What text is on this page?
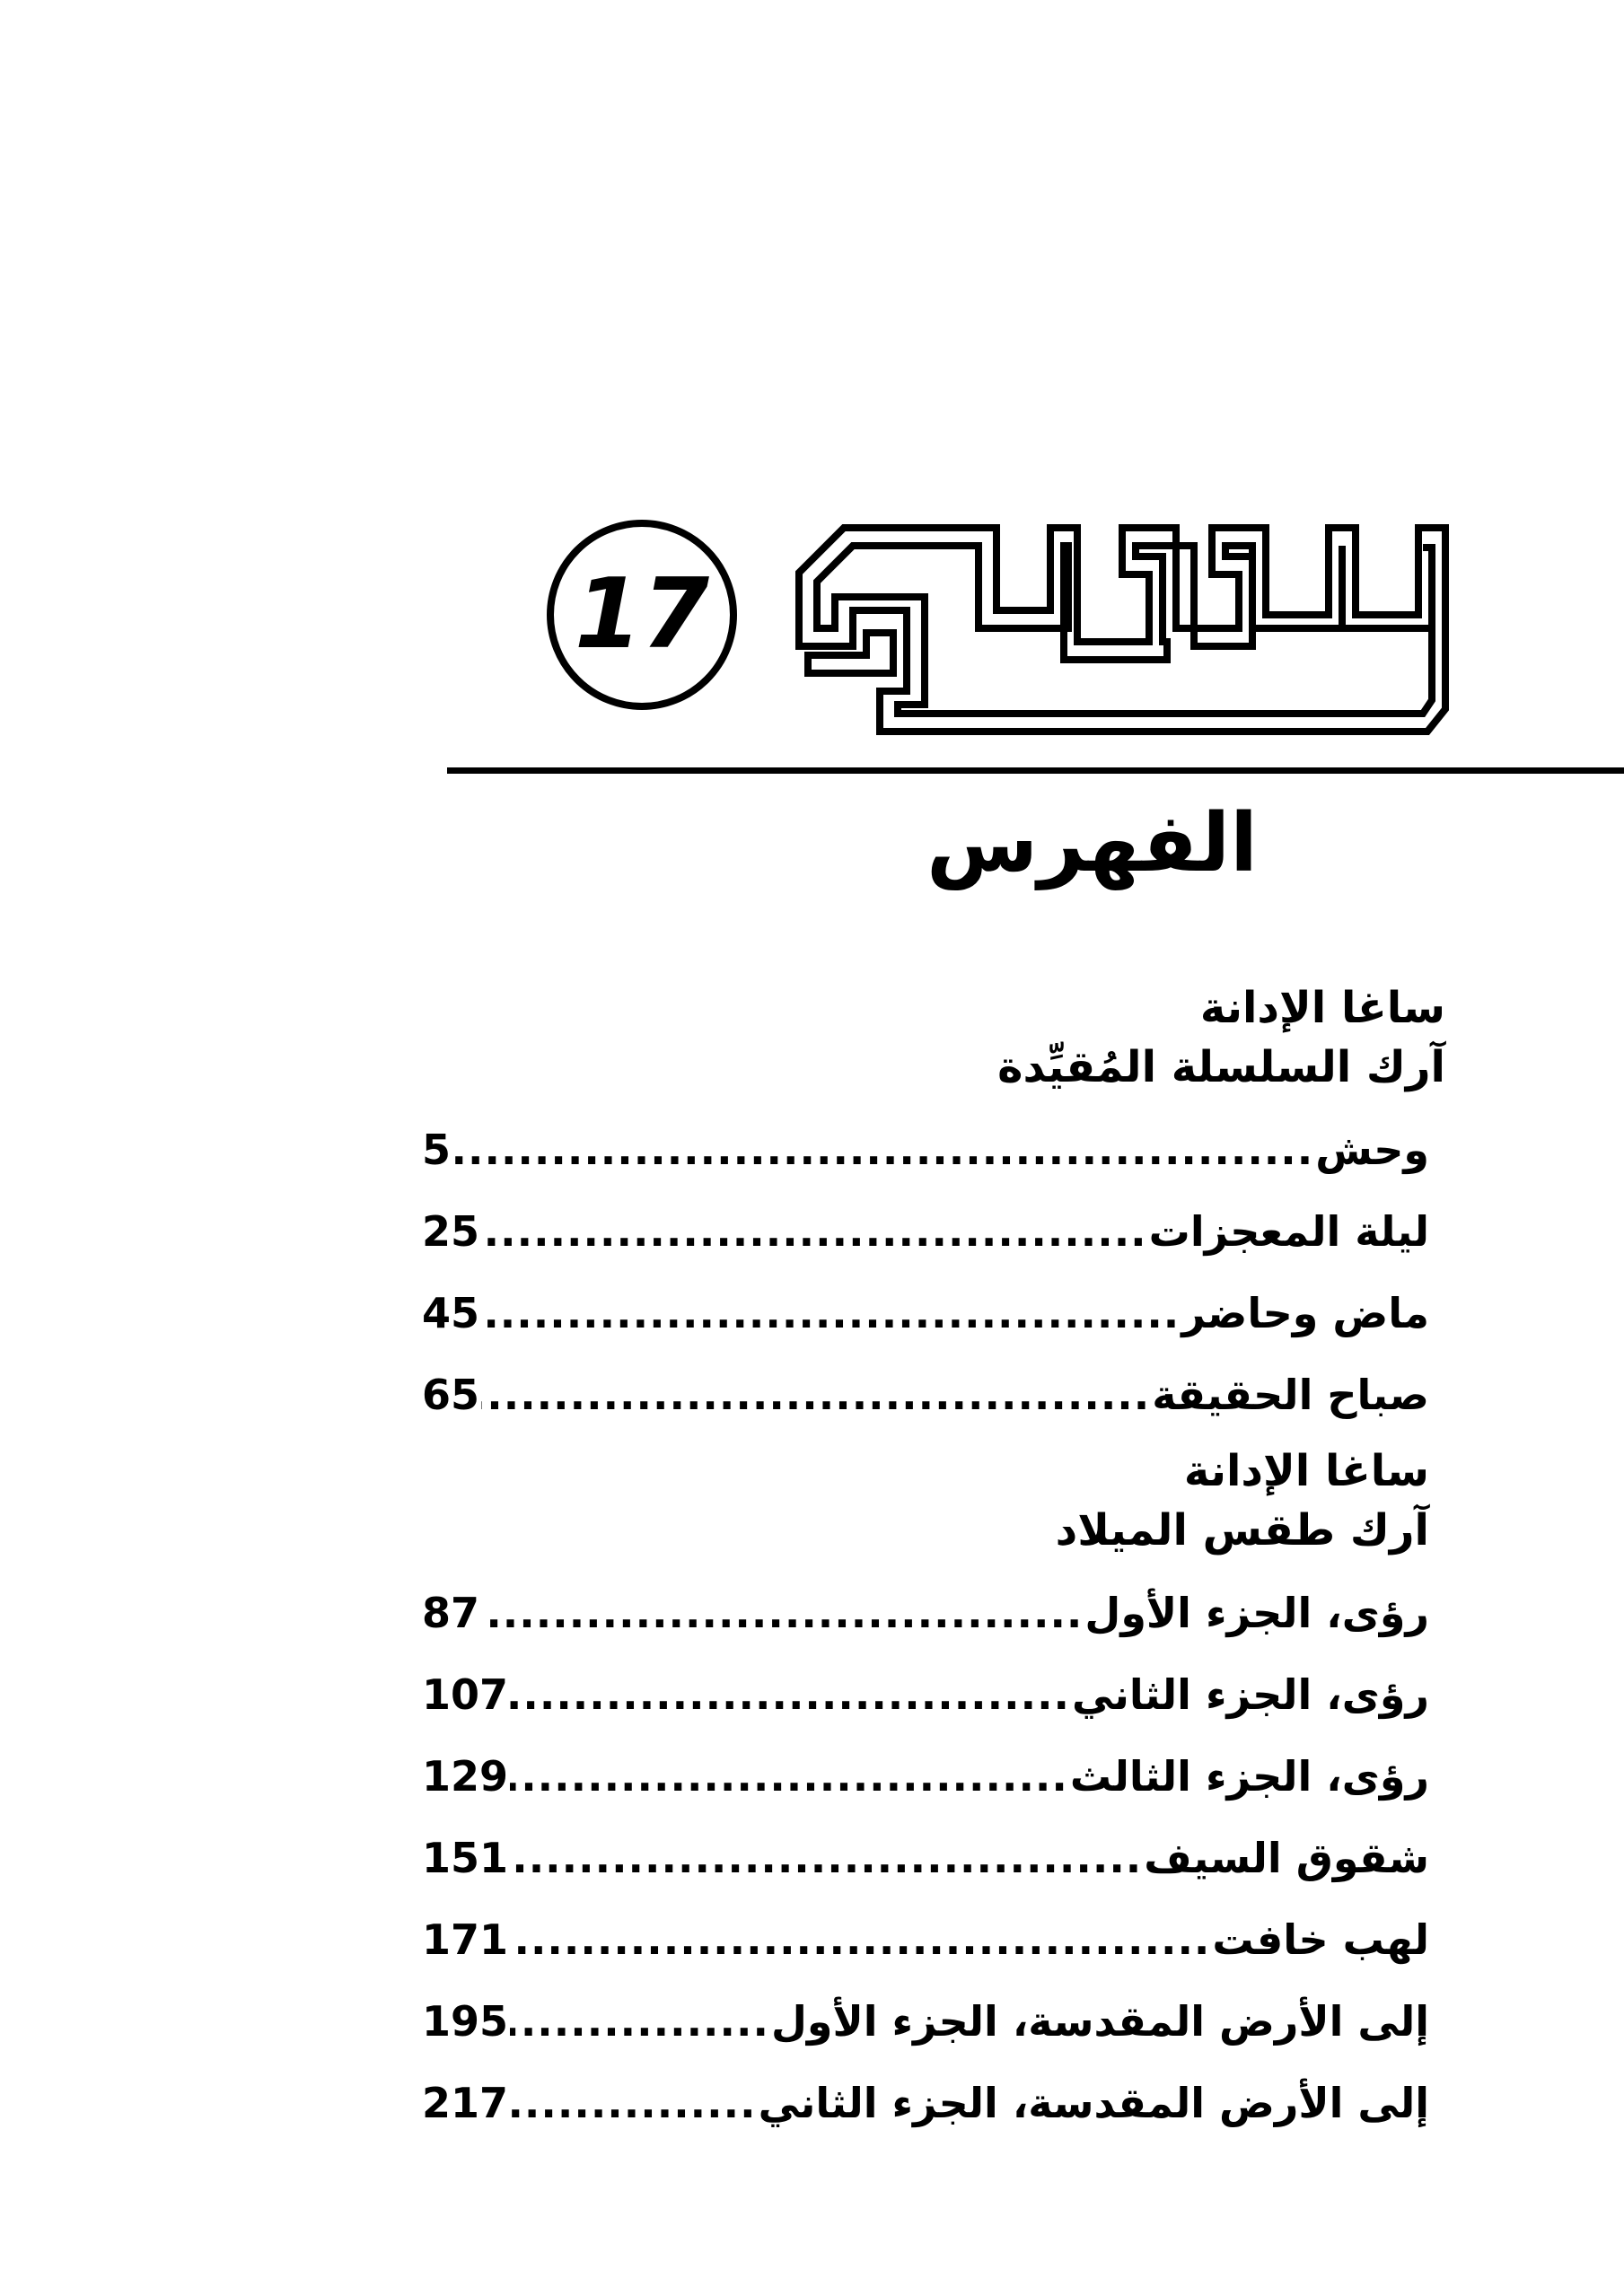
17
الفهرس
ساغا الإدانة
آرك السلسلة المُقيِّدة
وحش
.....
5
ليلة المعجزات
.....
25
ماض وحاضر
.....
45
صباح الحقيقة
.....
65
ساغا الإدانة
آرك طقس الميلاد
رؤى، الجزء الأول
.....
87
رؤى، الجزء الثاني
.....
107
رؤى، الجزء الثالث
.....
129
شقوق السيف
.....
151
لهب خافت
.....
171
إلى الأرض المقدسة، الجزء الأول
.....
195
إلى الأرض المقدسة، الجزء الثاني
.....
217
